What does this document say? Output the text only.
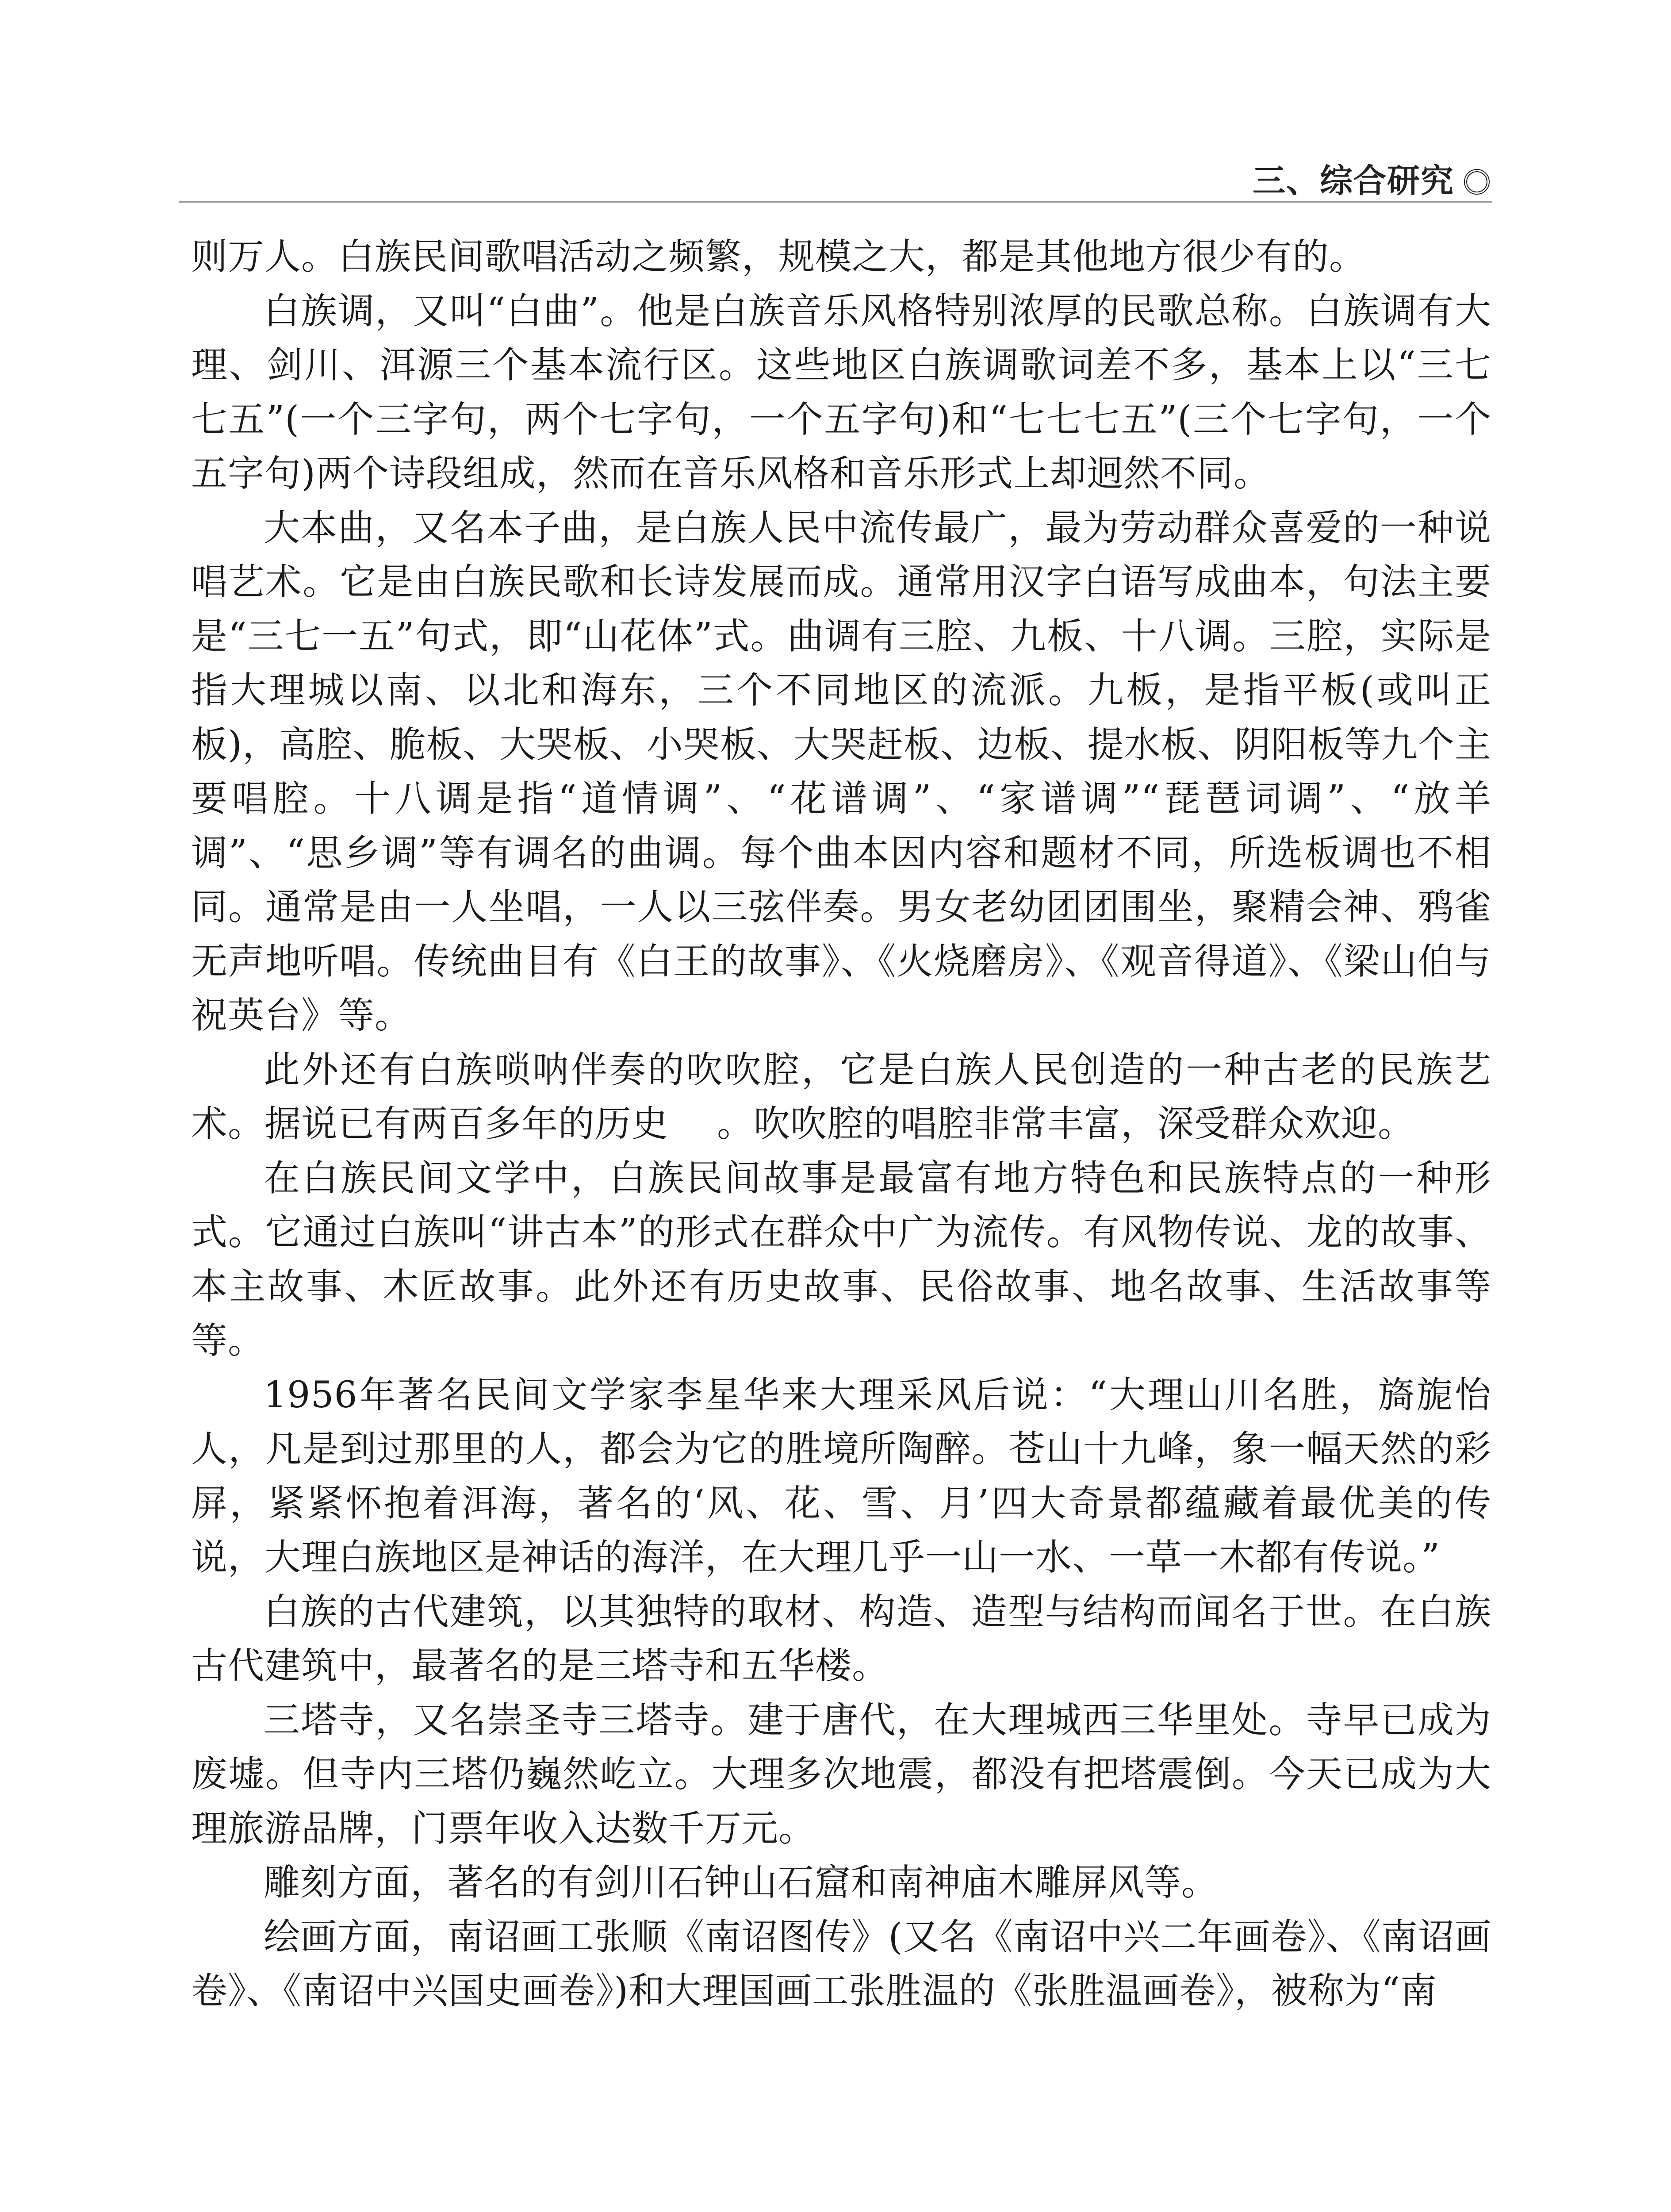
三、综合研究

则万人。白族民间歌唱活动之频繁，规模之大，都是其他地方很少有的。

白族调，又叫“白曲”。他是白族音乐风格特别浓厚的民歌总称。白族调有大理、剑川、洱源三个基本流行区。这些地区白族调歌词差不多，基本上以“三七七五”(一个三字句，两个七字句，一个五字句)和“七七七五”(三个七字句，一个五字句)两个诗段组成，然而在音乐风格和音乐形式上却迥然不同。

大本曲，又名本子曲，是白族人民中流传最广，最为劳动群众喜爱的一种说唱艺术。它是由白族民歌和长诗发展而成。通常用汉字白语写成曲本，句法主要是“三七一五”句式，即“山花体”式。曲调有三腔、九板、十八调。三腔，实际是指大理城以南、以北和海东，三个不同地区的流派。九板，是指平板(或叫正板)，高腔、脆板、大哭板、小哭板、大哭赶板、边板、提水板、阴阳板等九个主要唱腔。十八调是指“道情调”、“花谱调”、“家谱调”“琵琶词调”、“放羊调”、“思乡调”等有调名的曲调。每个曲本因内容和题材不同，所选板调也不相同。通常是由一人坐唱，一人以三弦伴奏。男女老幼团团围坐，聚精会神、鸦雀无声地听唱。传统曲目有《白王的故事》、《火烧磨房》、《观音得道》、《梁山伯与祝英台》等。

此外还有白族唢呐伴奏的吹吹腔，它是白族人民创造的一种古老的民族艺术。据说已有两百多年的历史 。吹吹腔的唱腔非常丰富，深受群众欢迎。

在白族民间文学中，白族民间故事是最富有地方特色和民族特点的一种形式。它通过白族叫“讲古本”的形式在群众中广为流传。有风物传说、龙的故事、本主故事、木匠故事。此外还有历史故事、民俗故事、地名故事、生活故事等等。

1956年著名民间文学家李星华来大理采风后说：“大理山川名胜，旖旎怡人，凡是到过那里的人，都会为它的胜境所陶醉。苍山十九峰，象一幅天然的彩屏，紧紧怀抱着洱海，著名的‘风、花、雪、月’四大奇景都蕴藏着最优美的传说，大理白族地区是神话的海洋，在大理几乎一山一水、一草一木都有传说。”

白族的古代建筑，以其独特的取材、构造、造型与结构而闻名于世。在白族古代建筑中，最著名的是三塔寺和五华楼。

三塔寺，又名崇圣寺三塔寺。建于唐代，在大理城西三华里处。寺早已成为废墟。但寺内三塔仍巍然屹立。大理多次地震，都没有把塔震倒。今天已成为大理旅游品牌，门票年收入达数千万元。

雕刻方面，著名的有剑川石钟山石窟和南神庙木雕屏风等。

绘画方面，南诏画工张顺《南诏图传》(又名《南诏中兴二年画卷》、《南诏画卷》、《南诏中兴国史画卷》)和大理国画工张胜温的《张胜温画卷》，被称为“南
